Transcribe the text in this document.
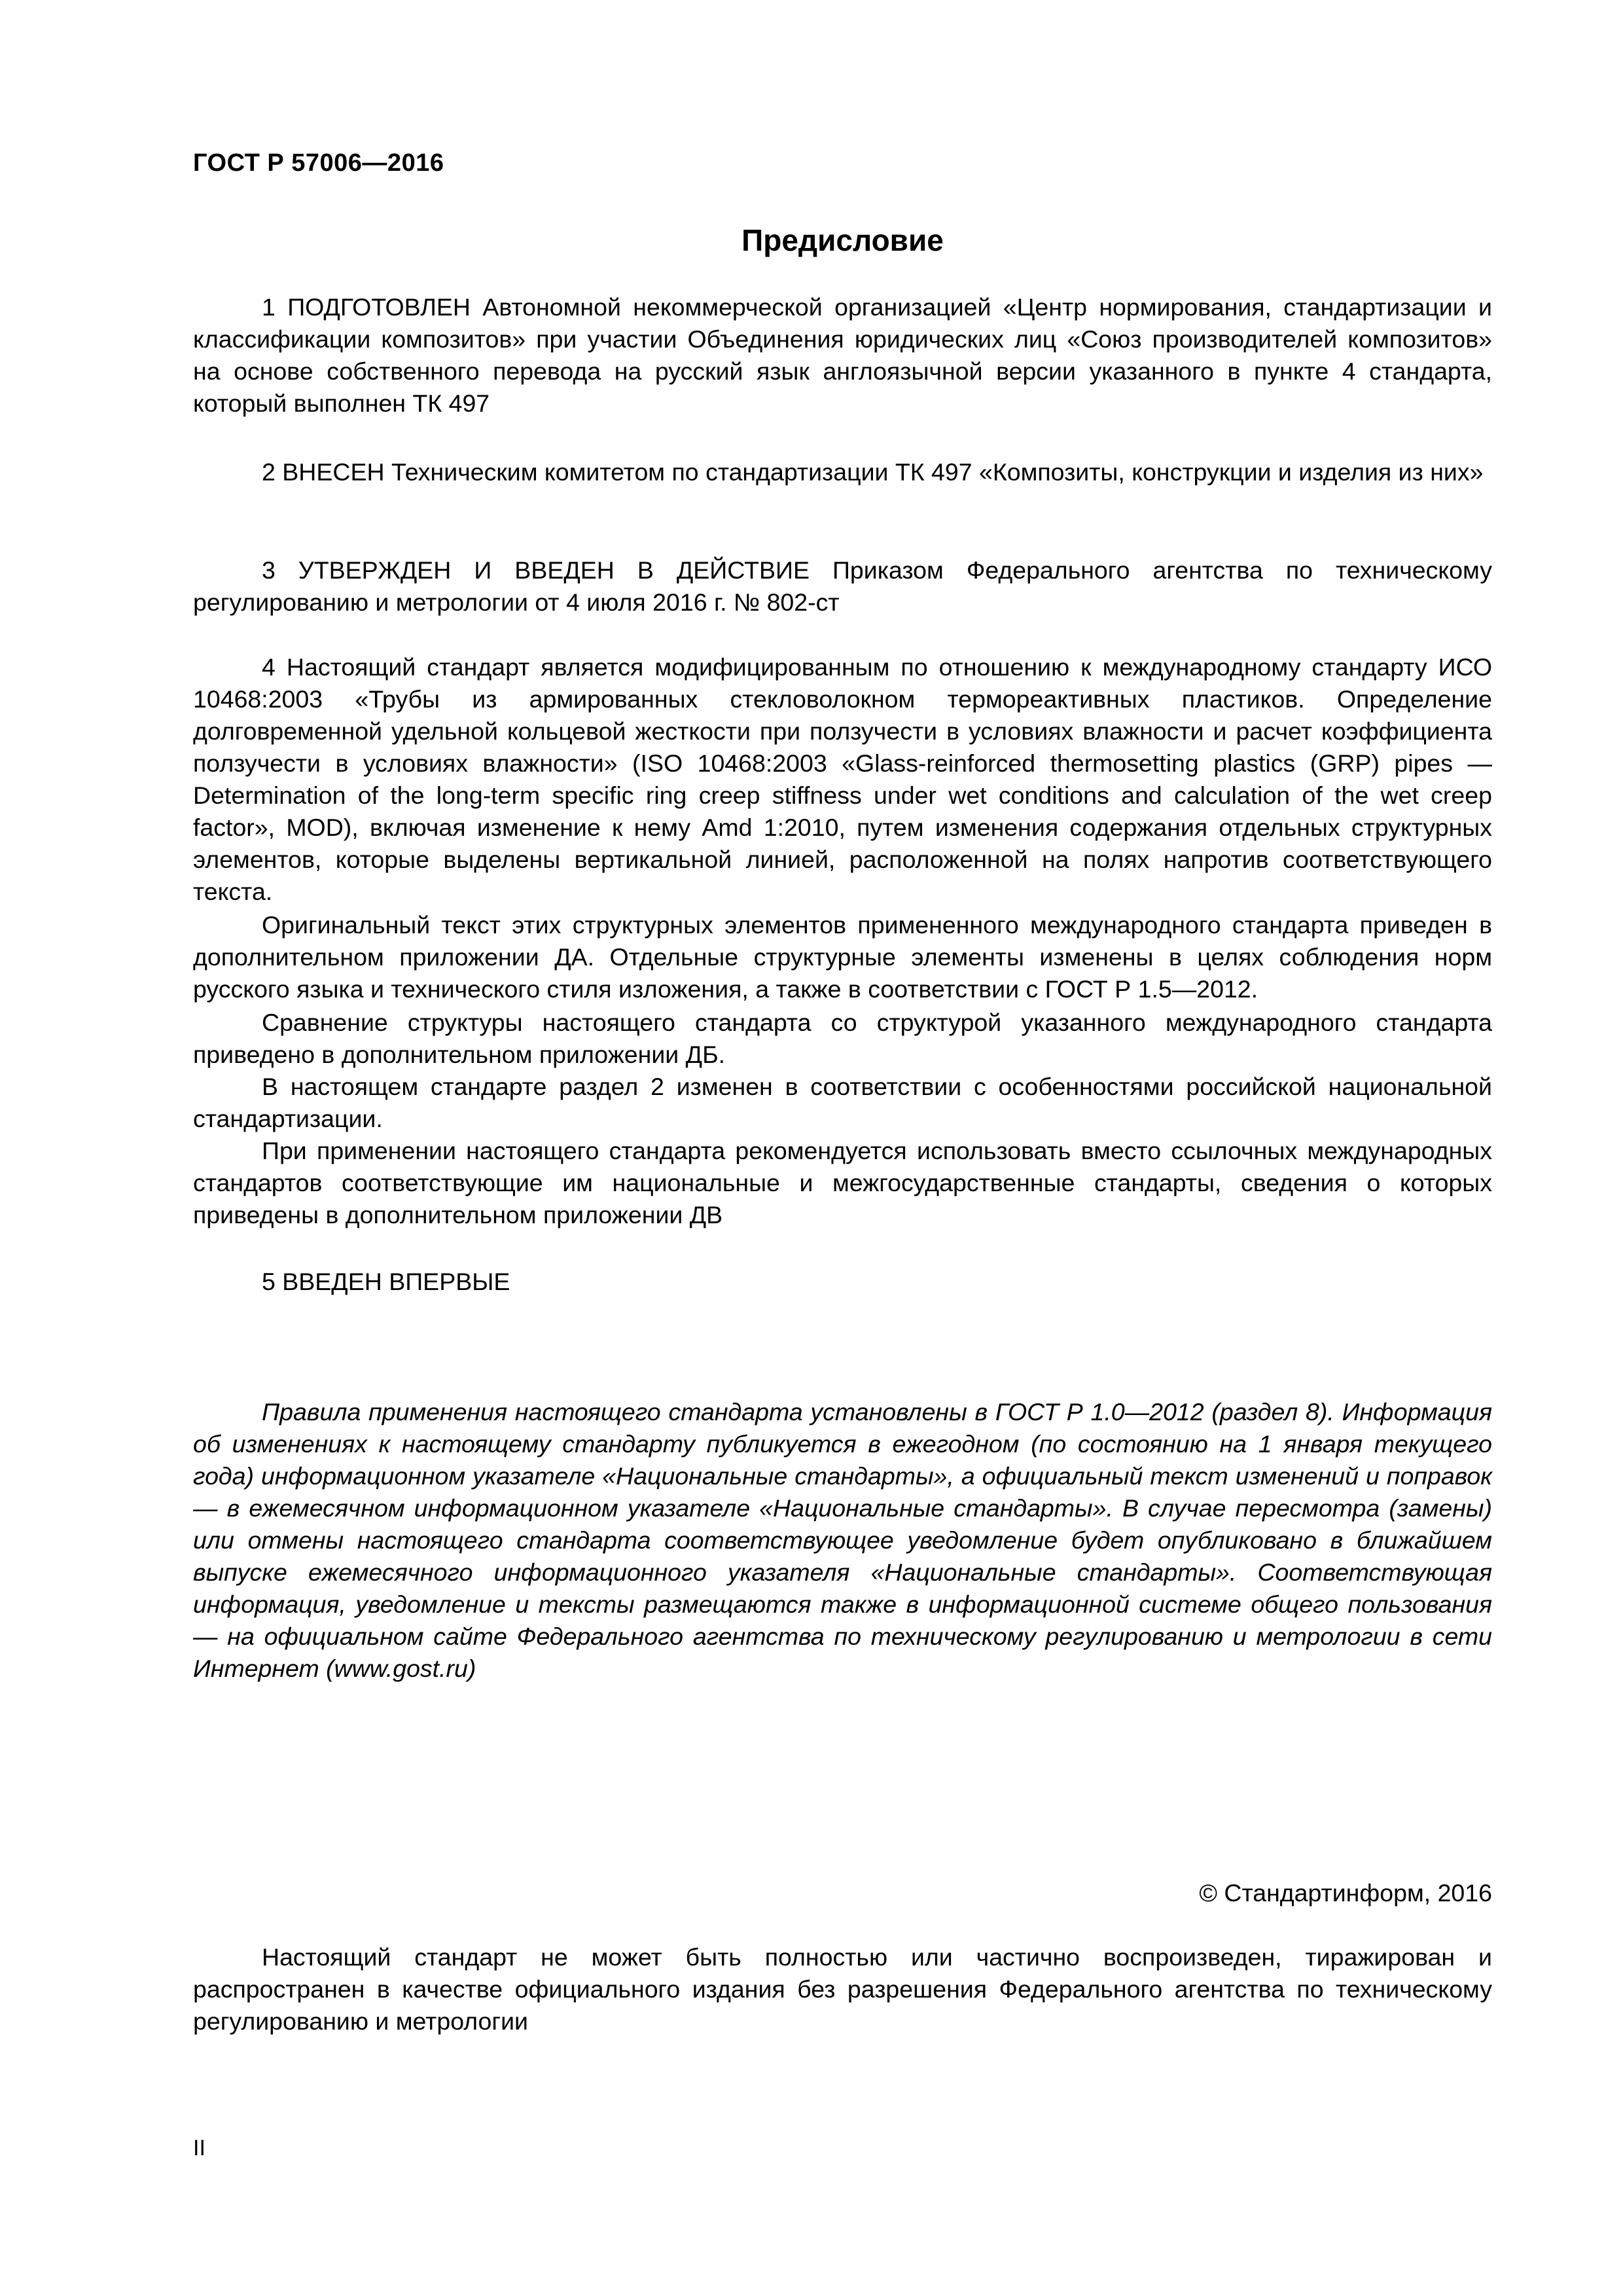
ГОСТ Р 57006—2016
Предисловие

1 ПОДГОТОВЛЕН Автономной некоммерческой организацией «Центр нормирования, стандартизации и классификации композитов» при участии Объединения юридических лиц «Союз производителей композитов» на основе собственного перевода на русский язык англоязычной версии указанного в пункте 4 стандарта, который выполнен ТК 497

2 ВНЕСЕН Техническим комитетом по стандартизации ТК 497 «Композиты, конструкции и изделия из них»

3 УТВЕРЖДЕН И ВВЕДЕН В ДЕЙСТВИЕ Приказом Федерального агентства по техническому регулированию и метрологии от 4 июля 2016 г. № 802-ст

4 Настоящий стандарт является модифицированным по отношению к международному стандарту ИСО 10468:2003 «Трубы из армированных стекловолокном термореактивных пластиков. Определение долговременной удельной кольцевой жесткости при ползучести в условиях влажности и расчет коэффициента ползучести в условиях влажности» (ISO 10468:2003 «Glass-reinforced thermosetting plastics (GRP) pipes — Determination of the long-term specific ring creep stiffness under wet conditions and calculation of the wet creep factor», MOD), включая изменение к нему Amd 1:2010, путем изменения содержания отдельных структурных элементов, которые выделены вертикальной линией, расположенной на полях напротив соответствующего текста.

Оригинальный текст этих структурных элементов примененного международного стандарта приведен в дополнительном приложении ДА. Отдельные структурные элементы изменены в целях соблюдения норм русского языка и технического стиля изложения, а также в соответствии с ГОСТ Р 1.5—2012.

Сравнение структуры настоящего стандарта со структурой указанного международного стандарта приведено в дополнительном приложении ДБ.

В настоящем стандарте раздел 2 изменен в соответствии с особенностями российской национальной стандартизации.

При применении настоящего стандарта рекомендуется использовать вместо ссылочных международных стандартов соответствующие им национальные и межгосударственные стандарты, сведения о которых приведены в дополнительном приложении ДВ

5 ВВЕДЕН ВПЕРВЫЕ

Правила применения настоящего стандарта установлены в ГОСТ Р 1.0—2012 (раздел 8). Информация об изменениях к настоящему стандарту публикуется в ежегодном (по состоянию на 1 января текущего года) информационном указателе «Национальные стандарты», а официальный текст изменений и поправок — в ежемесячном информационном указателе «Национальные стандарты». В случае пересмотра (замены) или отмены настоящего стандарта соответствующее уведомление будет опубликовано в ближайшем выпуске ежемесячного информационного указателя «Национальные стандарты». Соответствующая информация, уведомление и тексты размещаются также в информационной системе общего пользования — на официальном сайте Федерального агентства по техническому регулированию и метрологии в сети Интернет (www.gost.ru)

© Стандартинформ, 2016

Настоящий стандарт не может быть полностью или частично воспроизведен, тиражирован и распространен в качестве официального издания без разрешения Федерального агентства по техническому регулированию и метрологии

II
